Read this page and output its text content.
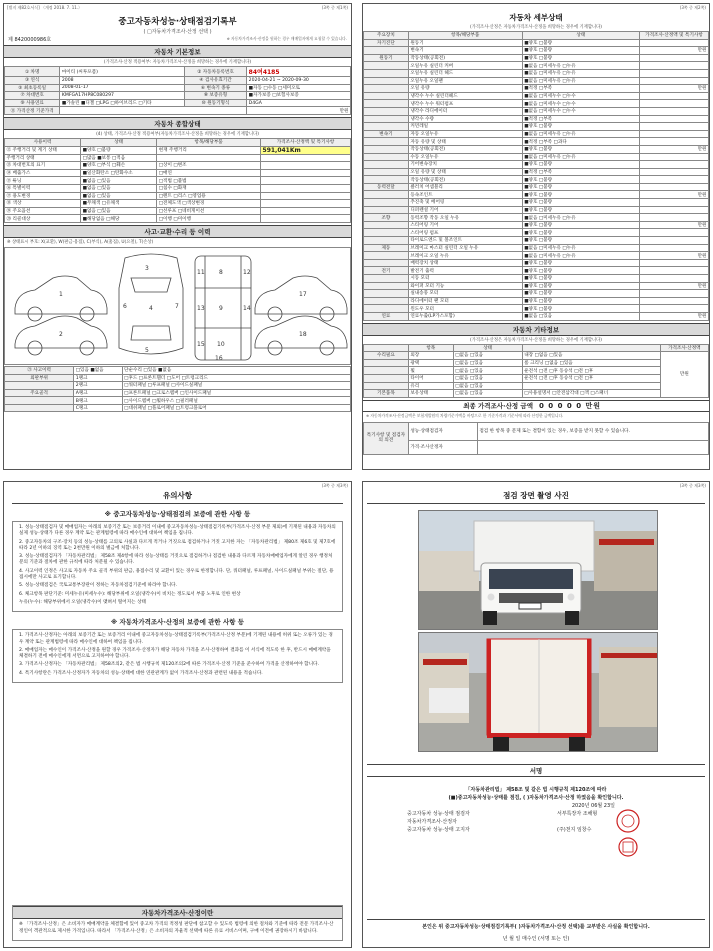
[별지 제82호서식] 〈개정 2018. 7. 11.〉	(3쪽 중 제1쪽)
중고자동차성능·상태점검기록부
( □자동차가격조사·산정 선택 )
제 8420000986호	※ 자동차가격조사·산정을 원하는 경우 매매업자에게 요청할 수 있습니다.
자동차 기본정보
(가격조사·산정 적용여부: 자동차가격조사·산정을 희망하는 경우에 기재합니다)
① 차명	마이티 (씨투포폼)	② 자동차등록번호	84여4185
③ 연식	2008	④ 검사유효기간	2020-04-21 ~ 2020-09-30
⑤ 최초등록일	2008-01-17	⑥ 변속기 종류	■자동 □수동 □세미오토
⑦ 차대번호	KMFGA17HP8C080297	⑧ 보증유형	■자가보증 □보험사보증
⑨ 사용연료	■가솔린 ■디젤 □LPG □하이브리드 □기타	⑩ 원동기형식	D4GA
⑪ 가격산정 기준가격			만원
자동차 종합상태
(4) 상태, 가격조사·산정 적용여부(자동차가격조사·산정을 희망하는 경우에 기재합니다)
사용이력	상태	항목/해당부품	가격조사·산정액 및 특기사항
⑫ 주행거리 및 계기 상태	■양호 □불량	현재 주행거리	591,041Km
주행거리 상태	□많음 ■보통 □적음		
⑬ 차대번호의 표기	■양호 □부식 □훼손	□상이 □변조	
⑭ 배출가스	■일산화탄소 □탄화수소	□매연	
⑮ 튜닝	■없음 □있음	□적법 □불법	
⑯ 특별이력	■없음 □있음	□침수 □화재	
⑰ 용도변경	■없음 □있음	□렌트 □리스 □영업용	
⑱ 색상	■무채색 □유채색	□전체도색 □색상변경	
⑲ 주요옵션	■없음 □있음	□선루프 □네비게이션	
⑳ 리콜대상	■해당없음 □해당	□이행 □미이행	
사고·교환·수리 등 이력
※ 상태표시 부호: X(교환), W(판금·용접), C(부식), A(흠집), U(요철), T(손상)
1
2
3
4
5
6	7
8
9
10
11	12
13	14
15
16
17
18
㉑ 사고이력	□있음 ■없음	단순수리 □있음 ■없음
외판부위	1랭크	□후드 □프론트휀더 □도어 □트렁크리드
	2랭크	□쿼터패널 □루프패널 □사이드실패널
주요골격	A랭크	□프론트패널 □크로스멤버 □인사이드패널
	B랭크	□사이드멤버 □휠하우스 □필러패널
	C랭크	□대쉬패널 □플로어패널 □트렁크플로어
(3쪽 중 제2쪽)
자동차 세부상태
(가격조사·산정은 자동차가격조사·산정을 희망하는 경우에 기재합니다)
주요장치	항목/해당부품	상태	가격조사·산정액 및 특기사항
자기진단	원동기	■양호 □불량	
	변속기	■양호 □불량	만원
원동기	작동상태(공회전)	■양호 □불량	
	오일누유 실린더 커버	■없음 □미세누유 □누유	
	오일누유 실린더 헤드	■없음 □미세누유 □누유	
	오일누유 오일팬	■없음 □미세누유 □누유	
	오일 유량	■적정 □부족	만원
	냉각수 누수 실린더헤드	■없음 □미세누수 □누수	
	냉각수 누수 워터펌프	■없음 □미세누수 □누수	
	냉각수 라디에이터	■없음 □미세누수 □누수	
	냉각수 수량	■적정 □부족	
	커먼레일	■양호 □불량	
변속기	자동 오일누유	■없음 □미세누유 □누유	
	자동 유량 및 상태	■적정 □부족 □과다	
	작동상태(공회전)	■양호 □불량	만원
	수동 오일누유	■없음 □미세누유 □누유	
	기어변속장치	■양호 □불량	
	오일 유량 및 상태	■적정 □부족	
	작동상태(공회전)	■양호 □불량	
동력전달	클러치 어셈블리	■양호 □불량	
	등속조인트	■양호 □불량	만원
	추진축 및 베어링	■양호 □불량	
	디퍼렌셜 기어	■양호 □불량	
조향	동력조향 작동 오일 누유	■없음 □미세누유 □누유	
	스티어링 기어	■양호 □불량	만원
	스티어링 펌프	■양호 □불량	
	타이로드엔드 및 볼조인트	■양호 □불량	
제동	브레이크 마스터 실린더 오일 누유	■없음 □미세누유 □누유	
	브레이크 오일 누유	■없음 □미세누유 □누유	만원
	배력장치 상태	■양호 □불량	
전기	발전기 출력	■양호 □불량	
	시동 모터	■양호 □불량	
	와이퍼 모터 기능	■양호 □불량	만원
	실내송풍 모터	■양호 □불량	
	라디에이터 팬 모터	■양호 □불량	
	윈도우 모터	■양호 □불량	
연료	연료누출(LP가스포함)	■없음 □있음	만원
자동차 기타정보
(가격조사·산정은 자동차가격조사·산정을 희망하는 경우에 기재합니다)
	항목	상태		가격조사·산정액
수리필요	외장	□없음 □있음	내장 □없음 □있음	만원
	광택	□없음 □있음	룸 크리닝 □없음 □있음	
	휠	□없음 □있음	운전석 □전 □후 동승석 □전 □후	
	타이어	□없음 □있음	운전석 □전 □후 동승석 □전 □후	
	유리	□없음 □있음		
기본품목	보유상태	□없음 □있음	□사용설명서 □안전삼각대 □잭 □스패너	
최종 가격조사·산정 금액 0 0 0 0 0 만원
※ 자동차가격조사·산정금액은 보험개발원의 차량기준가액을 바탕으로 한 기준가격과 기준서에 따라 산정한 금액입니다.
특기사항 및 점검자의 의견	성능·상태점검자	점검 한 항목 중 문제 또는 결함이 있는 경우, 보증을 받지 못할 수 있습니다.
	가격·조사산정자	
(3쪽 중 제3쪽)
유의사항
※ 중고자동차성능·상태점검의 보증에 관한 사항 등
1. 성능·상태점검자 및 매매업자는 아래의 보증기간 또는 보증거리 이내에 중고자동차성능·상태점검기록부(가격조사·산정 부분 제외)에 기재된 내용과 자동차의 실제 성능·상태가 다른 경우 계약 또는 관계법령에 따라 매수인에 대하여 책임을 집니다.
2. 중고자동차의 구조·장치 등의 성능·상태를 고의로 사실과 다르게 적거나 거짓으로 점검하거나 거짓 고지한 자는 「자동차관리법」 제80조 제6호 및 제7호에 따라 2년 이하의 징역 또는 2천만원 이하의 벌금에 처합니다.
3. 성능·상태점검자가 「자동차관리법」 제58조 제4항에 따라 성능·상태를 거짓으로 점검하거나 점검한 내용과 다르게 자동차매매업자에게 알린 경우 행정처분의 기준과 절차에 관한 규칙에 따라 처분될 수 있습니다.
4. 사고이력 인정은 사고로 자동차 주요 골격 부위의 판금, 용접수리 및 교환이 있는 경우로 한정합니다. 단, 쿼터패널, 루프패널, 사이드실패널 부위는 절단, 용접시에만 사고로 표기합니다.
5. 성능·상태점검은 국토교통부장관이 정하는 자동차점검기준에 따라야 합니다.
6. 체크항목 판단기준: 미세누유(미세누수): 해당부위에 오일(냉각수)이 비치는 정도로서 부품 노후로 인한 현상
누유(누수): 해당부위에서 오일(냉각수)이 맺혀서 떨어지는 상태
※ 자동차가격조사·산정의 보증에 관한 사항 등
1. 가격조사·산정자는 아래의 보증기간 또는 보증거리 이내에 중고자동차성능·상태점검기록부(가격조사·산정 부분)에 기재된 내용에 허위 또는 오류가 있는 경우 계약 또는 관계법령에 따라 매수인에 대하여 책임을 집니다.
2. 매매업자는 매수인이 가격조사·산정을 원할 경우 가격조사·산정자가 해당 자동차 가격을 조사·산정하여 결과를 이 서식에 적도록 한 후, 반드시 매매계약을 체결하기 전에 매수인에게 서면으로 고지하여야 합니다.
3. 가격조사·산정자는 「자동차관리법」 제58조의2, 같은 법 시행규칙 제120조의2에 따른 가격조사·산정 기준을 준수하여 가격을 산정하여야 합니다.
4. 특기사항란은 가격조사·산정자가 자동차의 성능·상태에 대한 연관관계가 없이 가격조사·산정과 관련된 내용을 적습니다.
자동차가격조사·산정이란
※ 「가격조사·산정」은 소비자가 매매계약을 체결함에 있어 중고차 가격의 적정성 판단에 참고할 수 있도록 법령에 의한 절차와 기준에 따라 전문 가격조사·산정인이 객관적으로 제시한 가격입니다. 따라서 「가격조사·산정」은 소비자의 자율적 선택에 따른 유료 서비스이며, 구매 이전에 권장하시기 바랍니다.
(3쪽 중 제3쪽)
점검 장면 촬영 사진
서명
「자동차관리법」 제58조 및 같은 법 시행규칙 제120조에 따라
(■)중고자동차성능·상태를 점검, ( )자동차가격조사·산정 하였음을 확인합니다.
2020년 06월 23일
중고자동차 성능·상태 점검자	서부특장자 조해형
자동차가격조사·산정자
중고자동차 성능·상태 고지자	(주)천지 임창수
본인은 위 중고자동차성능·상태점검기록부( )자동차가격조사·산정 선택)를 교부받은 사실을 확인합니다.
년 월 일 매수인 (서명 또는 인)
